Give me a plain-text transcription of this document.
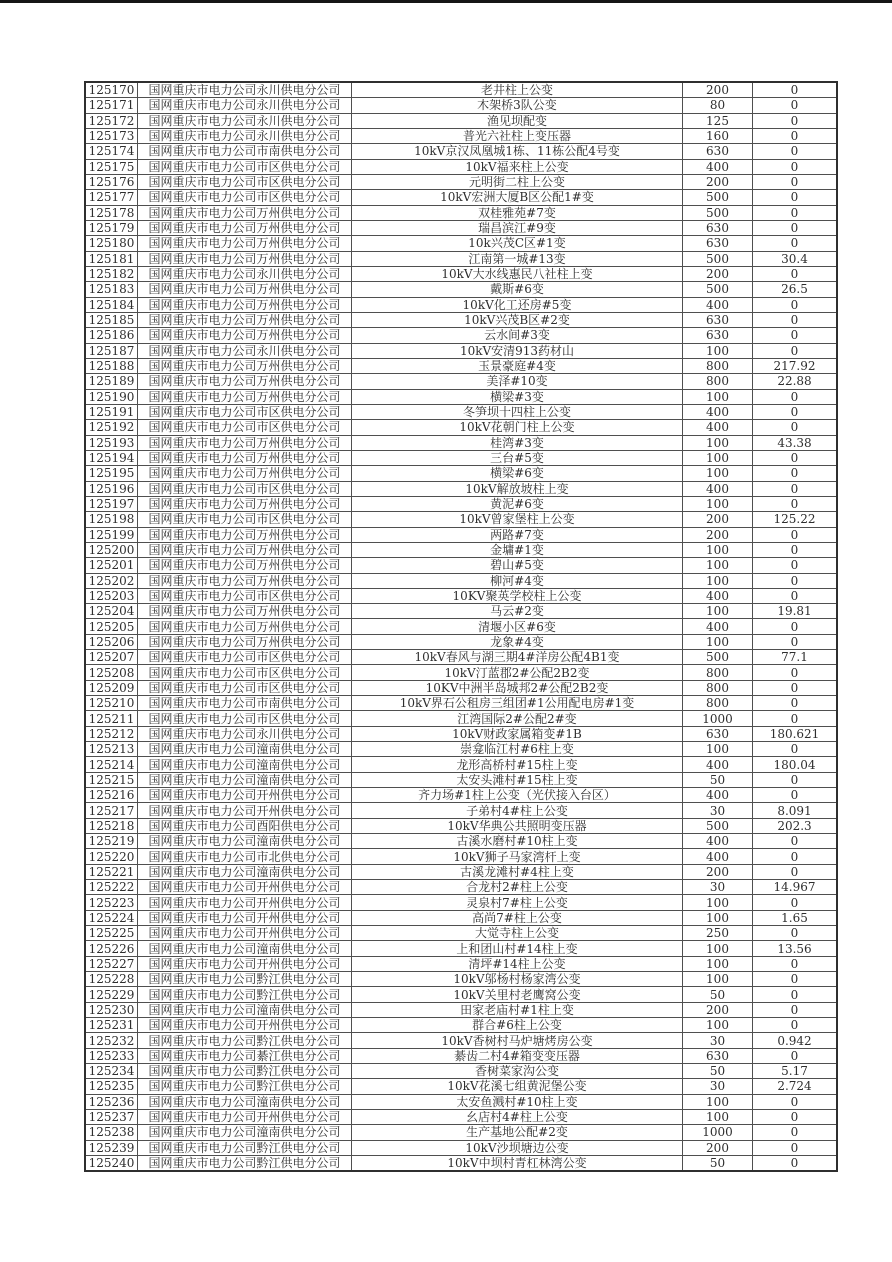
125170	国网重庆市电力公司永川供电分公司	老井柱上公变	200	0
125171	国网重庆市电力公司永川供电分公司	木架桥3队公变	80	0
125172	国网重庆市电力公司永川供电分公司	渔见坝配变	125	0
125173	国网重庆市电力公司永川供电分公司	普光六社柱上变压器	160	0
125174	国网重庆市电力公司市南供电分公司	10kV京汉凤凰城1栋、11栋公配4号变	630	0
125175	国网重庆市电力公司市区供电分公司	10kV福来柱上公变	400	0
125176	国网重庆市电力公司市区供电分公司	元明街二柱上公变	200	0
125177	国网重庆市电力公司市区供电分公司	10kV宏洲大厦B区公配1#变	500	0
125178	国网重庆市电力公司万州供电分公司	双桂雅苑#7变	500	0
125179	国网重庆市电力公司万州供电分公司	瑞昌滨江#9变	630	0
125180	国网重庆市电力公司万州供电分公司	10k兴茂C区#1变	630	0
125181	国网重庆市电力公司万州供电分公司	江南第一城#13变	500	30.4
125182	国网重庆市电力公司永川供电分公司	10kV大水线惠民八社柱上变	200	0
125183	国网重庆市电力公司万州供电分公司	戴斯#6变	500	26.5
125184	国网重庆市电力公司万州供电分公司	10kV化工还房#5变	400	0
125185	国网重庆市电力公司万州供电分公司	10kV兴茂B区#2变	630	0
125186	国网重庆市电力公司万州供电分公司	云水间#3变	630	0
125187	国网重庆市电力公司永川供电分公司	10kV安清913药材山	100	0
125188	国网重庆市电力公司万州供电分公司	玉景豪庭#4变	800	217.92
125189	国网重庆市电力公司万州供电分公司	美泽#10变	800	22.88
125190	国网重庆市电力公司万州供电分公司	横梁#3变	100	0
125191	国网重庆市电力公司市区供电分公司	冬笋坝十四柱上公变	400	0
125192	国网重庆市电力公司市区供电分公司	10kV花朝门柱上公变	400	0
125193	国网重庆市电力公司万州供电分公司	桂湾#3变	100	43.38
125194	国网重庆市电力公司万州供电分公司	三台#5变	100	0
125195	国网重庆市电力公司万州供电分公司	横梁#6变	100	0
125196	国网重庆市电力公司市区供电分公司	10kV解放坡柱上变	400	0
125197	国网重庆市电力公司万州供电分公司	黄泥#6变	100	0
125198	国网重庆市电力公司市区供电分公司	10kV曾家堡柱上公变	200	125.22
125199	国网重庆市电力公司万州供电分公司	两路#7变	200	0
125200	国网重庆市电力公司万州供电分公司	金墉#1变	100	0
125201	国网重庆市电力公司万州供电分公司	碧山#5变	100	0
125202	国网重庆市电力公司万州供电分公司	柳河#4变	100	0
125203	国网重庆市电力公司市区供电分公司	10KV聚英学校柱上公变	400	0
125204	国网重庆市电力公司万州供电分公司	马云#2变	100	19.81
125205	国网重庆市电力公司万州供电分公司	清堰小区#6变	400	0
125206	国网重庆市电力公司万州供电分公司	龙象#4变	100	0
125207	国网重庆市电力公司市区供电分公司	10kV春风与湖三期4#洋房公配4B1变	500	77.1
125208	国网重庆市电力公司市区供电分公司	10kV汀蓝郡2#公配2B2变	800	0
125209	国网重庆市电力公司市区供电分公司	10KV中洲半岛城邦2#公配2B2变	800	0
125210	国网重庆市电力公司市南供电分公司	10kV界石公租房三组团#1公用配电房#1变	800	0
125211	国网重庆市电力公司市区供电分公司	江湾国际2#公配2#变	1000	0
125212	国网重庆市电力公司永川供电分公司	10kV财政家属箱变#1B	630	180.621
125213	国网重庆市电力公司潼南供电分公司	崇龛临江村#6柱上变	100	0
125214	国网重庆市电力公司潼南供电分公司	龙形高桥村#15柱上变	400	180.04
125215	国网重庆市电力公司潼南供电分公司	太安头滩村#15柱上变	50	0
125216	国网重庆市电力公司开州供电分公司	齐力场#1柱上公变（光伏接入台区）	400	0
125217	国网重庆市电力公司开州供电分公司	子弟村4#柱上公变	30	8.091
125218	国网重庆市电力公司酉阳供电分公司	10kV华典公共照明变压器	500	202.3
125219	国网重庆市电力公司潼南供电分公司	古溪水磨村#10柱上变	400	0
125220	国网重庆市电力公司市北供电分公司	10kV狮子马家湾杆上变	400	0
125221	国网重庆市电力公司潼南供电分公司	古溪龙滩村#4柱上变	200	0
125222	国网重庆市电力公司开州供电分公司	合龙村2#柱上公变	30	14.967
125223	国网重庆市电力公司开州供电分公司	灵泉村7#柱上公变	100	0
125224	国网重庆市电力公司开州供电分公司	高尚7#柱上公变	100	1.65
125225	国网重庆市电力公司开州供电分公司	大觉寺柱上公变	250	0
125226	国网重庆市电力公司潼南供电分公司	上和团山村#14柱上变	100	13.56
125227	国网重庆市电力公司开州供电分公司	清坪#14柱上公变	100	0
125228	国网重庆市电力公司黔江供电分公司	10kV邬杨村杨家湾公变	100	0
125229	国网重庆市电力公司黔江供电分公司	10kV关里村老鹰窝公变	50	0
125230	国网重庆市电力公司潼南供电分公司	田家老庙村#1柱上变	200	0
125231	国网重庆市电力公司开州供电分公司	群合#6柱上公变	100	0
125232	国网重庆市电力公司黔江供电分公司	10kV香树村马炉塘烤房公变	30	0.942
125233	国网重庆市电力公司綦江供电分公司	綦齿二村4#箱变变压器	630	0
125234	国网重庆市电力公司黔江供电分公司	香树菜家沟公变	50	5.17
125235	国网重庆市电力公司黔江供电分公司	10kV花溪七组黄泥堡公变	30	2.724
125236	国网重庆市电力公司潼南供电分公司	太安鱼溅村#10柱上变	100	0
125237	国网重庆市电力公司开州供电分公司	幺店村4#柱上公变	100	0
125238	国网重庆市电力公司潼南供电分公司	生产基地公配#2变	1000	0
125239	国网重庆市电力公司黔江供电分公司	10kV沙坝塘边公变	200	0
125240	国网重庆市电力公司黔江供电分公司	10kV中坝村青杠林湾公变	50	0
